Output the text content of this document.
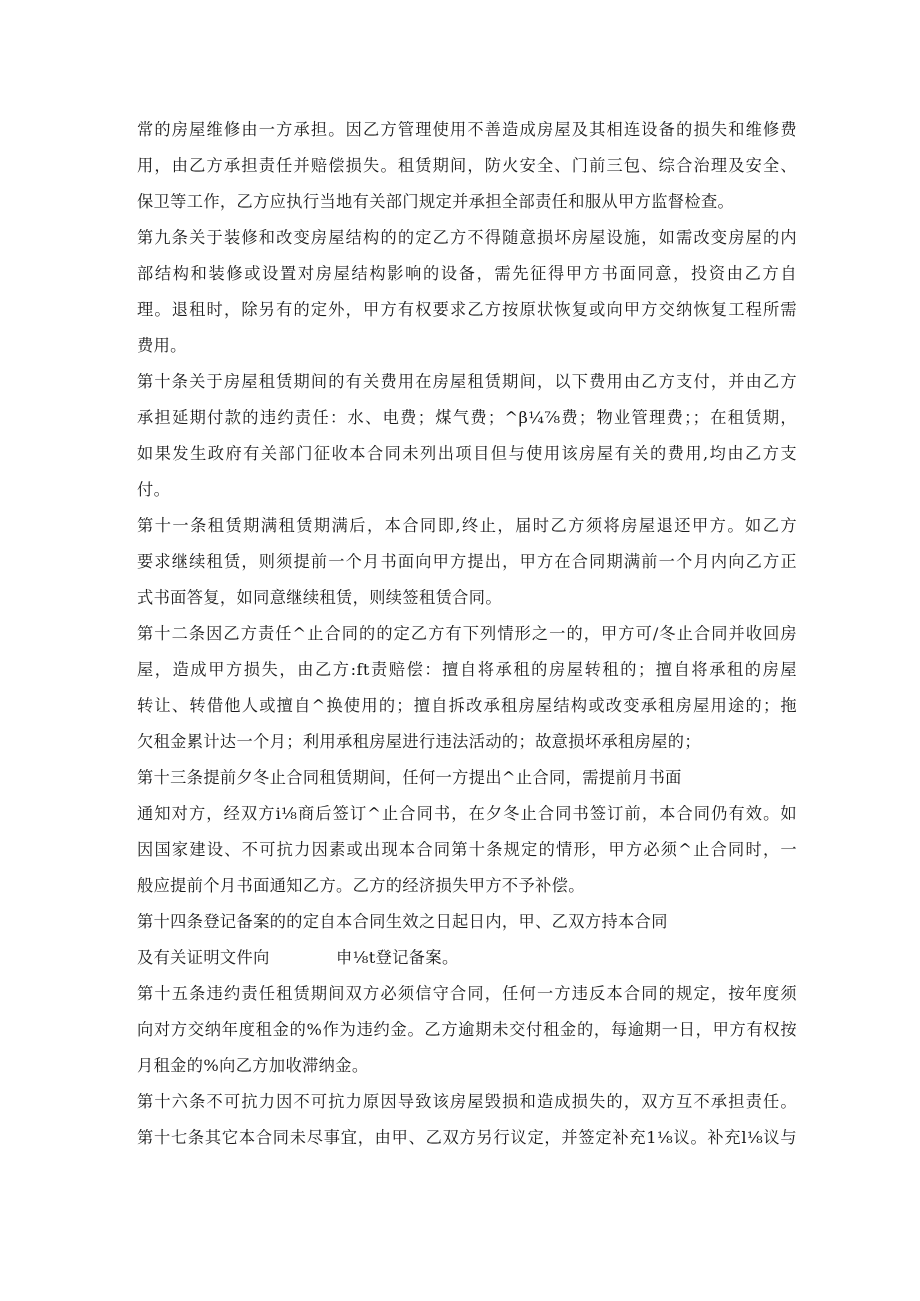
常的房屋维修由一方承担。因乙方管理使用不善造成房屋及其相连设备的损失和维修费
用，由乙方承担责任并赔偿损失。租赁期间，防火安全、门前三包、综合治理及安全、
保卫等工作，乙方应执行当地有关部门规定并承担全部责任和服从甲方监督检查。
第九条关于装修和改变房屋结构的的定乙方不得随意损坏房屋设施，如需改变房屋的内
部结构和装修或设置对房屋结构影响的设备，需先征得甲方书面同意，投资由乙方自
理。退租时，除另有的定外，甲方有权要求乙方按原状恢复或向甲方交纳恢复工程所需
费用。
第十条关于房屋租赁期间的有关费用在房屋租赁期间，以下费用由乙方支付，并由乙方
承担延期付款的违约责任：水、电费；煤气费；^β¼⅞费；物业管理费；；在租赁期，
如果发生政府有关部门征收本合同未列出项目但与使用该房屋有关的费用,均由乙方支
付。
第十一条租赁期满租赁期满后，本合同即,终止，届时乙方须将房屋退还甲方。如乙方
要求继续租赁，则须提前一个月书面向甲方提出，甲方在合同期满前一个月内向乙方正
式书面答复，如同意继续租赁，则续签租赁合同。
第十二条因乙方责任^止合同的的定乙方有下列情形之一的，甲方可/冬止合同并收回房
屋，造成甲方损失，由乙方:ft责赔偿：擅自将承租的房屋转租的；擅自将承租的房屋
转让、转借他人或擅自^换使用的；擅自拆改承租房屋结构或改变承租房屋用途的；拖
欠租金累计达一个月；利用承租房屋进行违法活动的；故意损坏承租房屋的；
第十三条提前夕冬止合同租赁期间，任何一方提出^止合同，需提前月书面
通知对方，经双方i⅛商后签订^止合同书，在夕冬止合同书签订前，本合同仍有效。如
因国家建设、不可抗力因素或出现本合同第十条规定的情形，甲方必须^止合同时，一
般应提前个月书面通知乙方。乙方的经济损失甲方不予补偿。
第十四条登记备案的的定自本合同生效之日起日内，甲、乙双方持本合同
及有关证明文件向　　　　申⅛t登记备案。
第十五条违约责任租赁期间双方必须信守合同，任何一方违反本合同的规定，按年度须
向对方交纳年度租金的%作为违约金。乙方逾期未交付租金的，每逾期一日，甲方有权按
月租金的%向乙方加收滞纳金。
第十六条不可抗力因不可抗力原因导致该房屋毁损和造成损失的，双方互不承担责任。
第十七条其它本合同未尽事宜，由甲、乙双方另行议定，并签定补充1⅛议。补充l⅛议与
